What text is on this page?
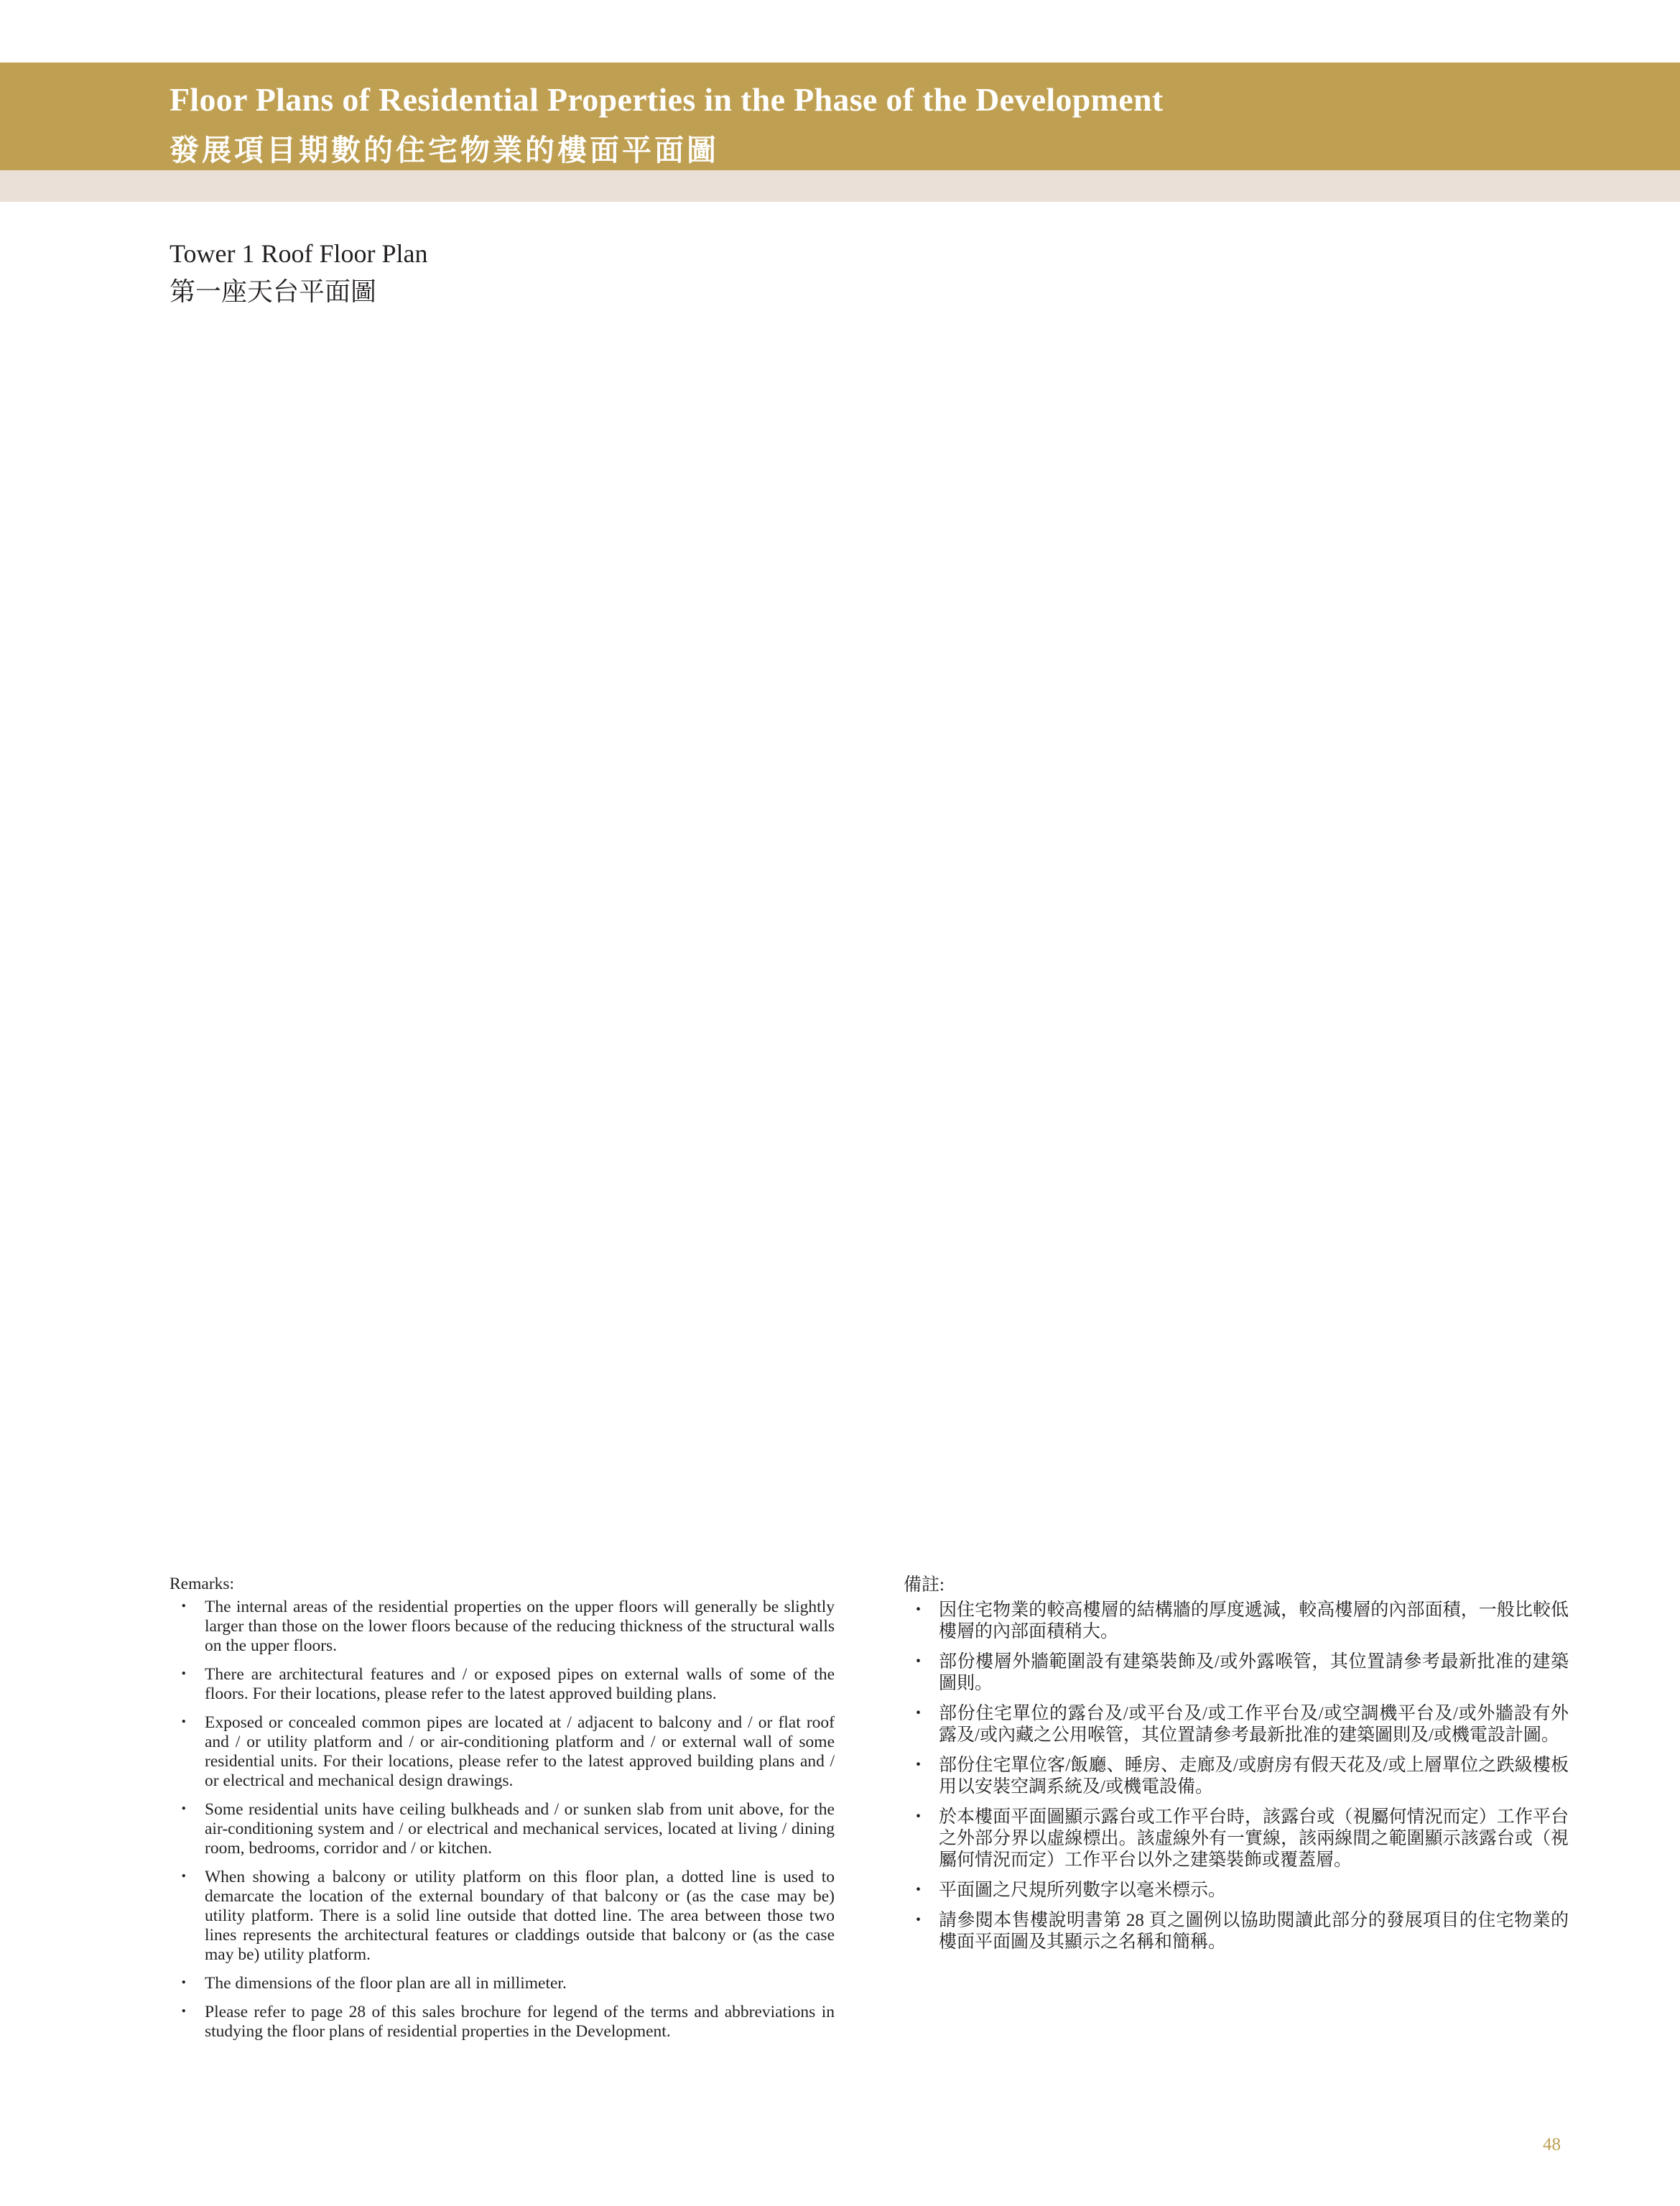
Floor Plans of Residential Properties in the Phase of the Development
發展項目期數的住宅物業的樓面平面圖
Tower 1 Roof Floor Plan
第一座天台平面圖
Remarks:
・ The internal areas of the residential properties on the upper floors will generally be slightly larger than those on the lower floors because of the reducing thickness of the structural walls on the upper floors.
・ There are architectural features and / or exposed pipes on external walls of some of the floors. For their locations, please refer to the latest approved building plans.
・ Exposed or concealed common pipes are located at / adjacent to balcony and / or flat roof and / or utility platform and / or air-conditioning platform and / or external wall of some residential units. For their locations, please refer to the latest approved building plans and / or electrical and mechanical design drawings.
・ Some residential units have ceiling bulkheads and / or sunken slab from unit above, for the air-conditioning system and / or electrical and mechanical services, located at living / dining room, bedrooms, corridor and / or kitchen.
・ When showing a balcony or utility platform on this floor plan, a dotted line is used to demarcate the location of the external boundary of that balcony or (as the case may be) utility platform. There is a solid line outside that dotted line. The area between those two lines represents the architectural features or claddings outside that balcony or (as the case may be) utility platform.
・ The dimensions of the floor plan are all in millimeter.
・ Please refer to page 28 of this sales brochure for legend of the terms and abbreviations in studying the floor plans of residential properties in the Development.
備註:
・ 因住宅物業的較高樓層的結構牆的厚度遞減，較高樓層的內部面積，一般比較低樓層的內部面積稍大。
・ 部份樓層外牆範圍設有建築裝飾及/或外露喉管，其位置請參考最新批准的建築圖則。
・ 部份住宅單位的露台及/或平台及/或工作平台及/或空調機平台及/或外牆設有外露及/或內藏之公用喉管，其位置請參考最新批准的建築圖則及/或機電設計圖。
・ 部份住宅單位客/飯廳、睡房、走廊及/或廚房有假天花及/或上層單位之跌級樓板用以安裝空調系統及/或機電設備。
・ 於本樓面平面圖顯示露台或工作平台時，該露台或（視屬何情況而定）工作平台之外部分界以虛線標出。該虛線外有一實線，該兩線間之範圍顯示該露台或（視屬何情況而定）工作平台以外之建築裝飾或覆蓋層。
・ 平面圖之尺規所列數字以毫米標示。
・ 請參閱本售樓說明書第 28 頁之圖例以協助閱讀此部分的發展項目的住宅物業的樓面平面圖及其顯示之名稱和簡稱。
48
